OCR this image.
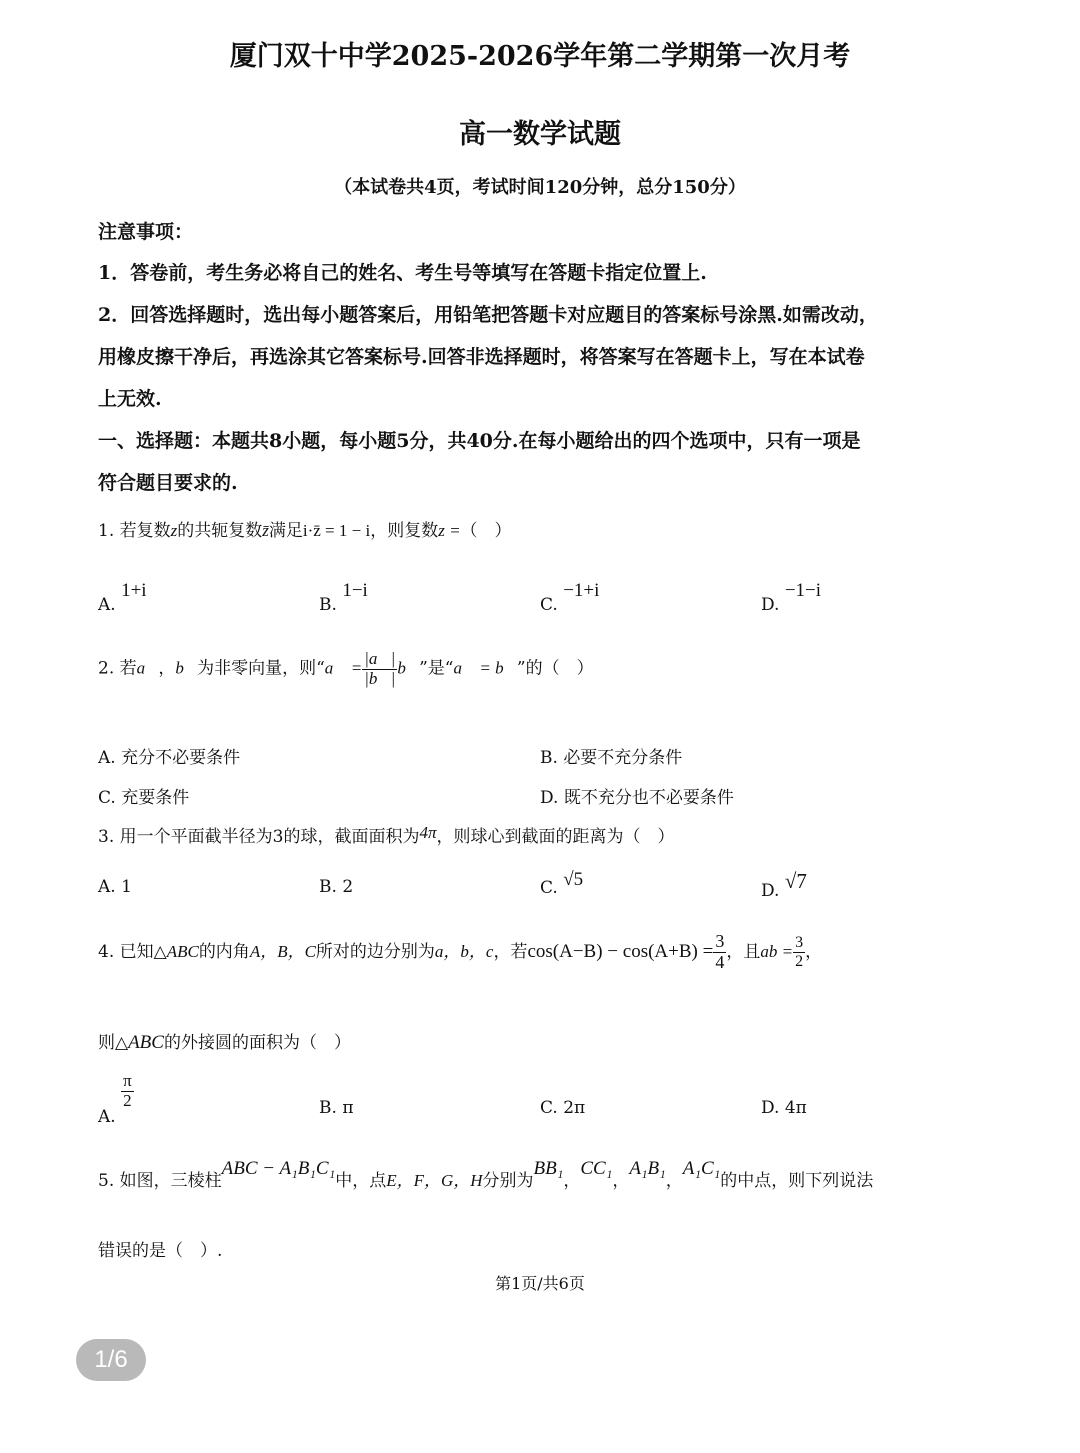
厦门双十中学2025-2026学年第二学期第一次月考
高一数学试题
（本试卷共4页，考试时间120分钟，总分150分）
注意事项：
1．答卷前，考生务必将自己的姓名、考生号等填写在答题卡指定位置上.
2．回答选择题时，选出每小题答案后，用铅笔把答题卡对应题目的答案标号涂黑.如需改动，
用橡皮擦干净后，再选涂其它答案标号.回答非选择题时，将答案写在答题卡上，写在本试卷
上无效.
一、选择题：本题共8小题，每小题5分，共40分.在每小题给出的四个选项中，只有一项是
符合题目要求的.
1. 若复数z的共轭复数z̄满足i·z̄ = 1 − i，则复数z =（　）
A. 1+i
B. 1−i
C. −1+i
D. −1−i
2. 若a⃗，b⃗为非零向量，则“a⃗ = $\frac{|a⃗|}{|b⃗|}$ b⃗”是“a⃗ = b⃗”的（　）
A. 充分不必要条件	B. 必要不充分条件
C. 充要条件	D. 既不充分也不必要条件
3. 用一个平面截半径为3的球，截面面积为4π，则球心到截面的距离为（　）
A. 1	B. 2	C. √5
D. √7
4. 已知△ABC的内角A，B，C所对的边分别为a，b，c，若$\cos(A-B) - \cos(A+B) = \frac{3}{4}$ ，且ab = $\frac{3}{2}$ ，
则△ABC的外接圆的面积为（　）
A.
$\frac{\pi}{2}$	B. π	C. 2π	D. 4π
5. 如图，三棱柱ABC − A₁B₁C₁中，点E，F，G，H分别为BB₁，CC₁，A₁B₁，A₁C₁的中点，则下列说法
错误的是（　）.
第1页/共6页
1/6
